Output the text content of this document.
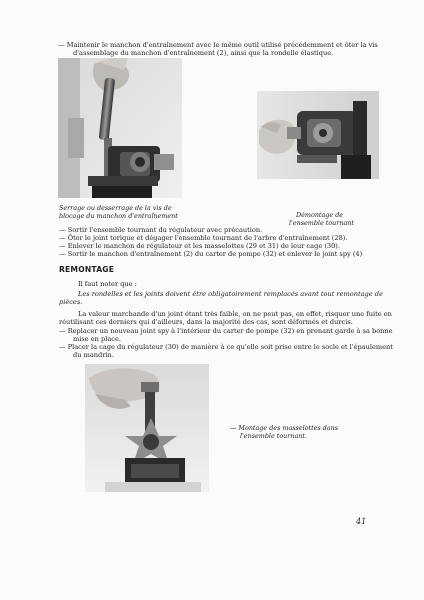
— Maintenir le manchon d'entraînement avec le même outil utilisé précédemment et ôter la vis
d'assemblage du manchon d'entraînement (2), ainsi que la rondelle élastique.
Serrage ou desserrage de la vis de
blocage du manchon d'entraînement	Démontage de
l'ensemble tournant
— Sortir l'ensemble tournant du régulateur avec précaution.
— Ôter le joint torique et dégager l'ensemble tournant de l'arbre d'entraînement (28).
— Enlever le manchon de régulateur et les masselottes (29 et 31) de leur cage (30).
— Sortir le manchon d'entraînement (2) du carter de pompe (32) et enlever le joint spy (4)
REMONTAGE
Il faut noter que :
Les rondelles et les joints doivent être obligatoirement remplacés avant tout remontage de
pièces.
La valeur marchande d'un joint étant très faible, on ne peut pas, en effet, risquer une fuite en
réutilisant ces derniers qui d'ailleurs, dans la majorité des cas, sont déformés et durcis.
— Replacer un nouveau joint spy à l'intérieur du carter de pompe (32) en prenant garde à sa bonne
mise en place.
— Placer la cage du régulateur (30) de manière à ce qu'elle soit prise entre le socle et l'épaulement
du mandrin.
— Montage des masselottes dans
l'ensemble tournant.
41
